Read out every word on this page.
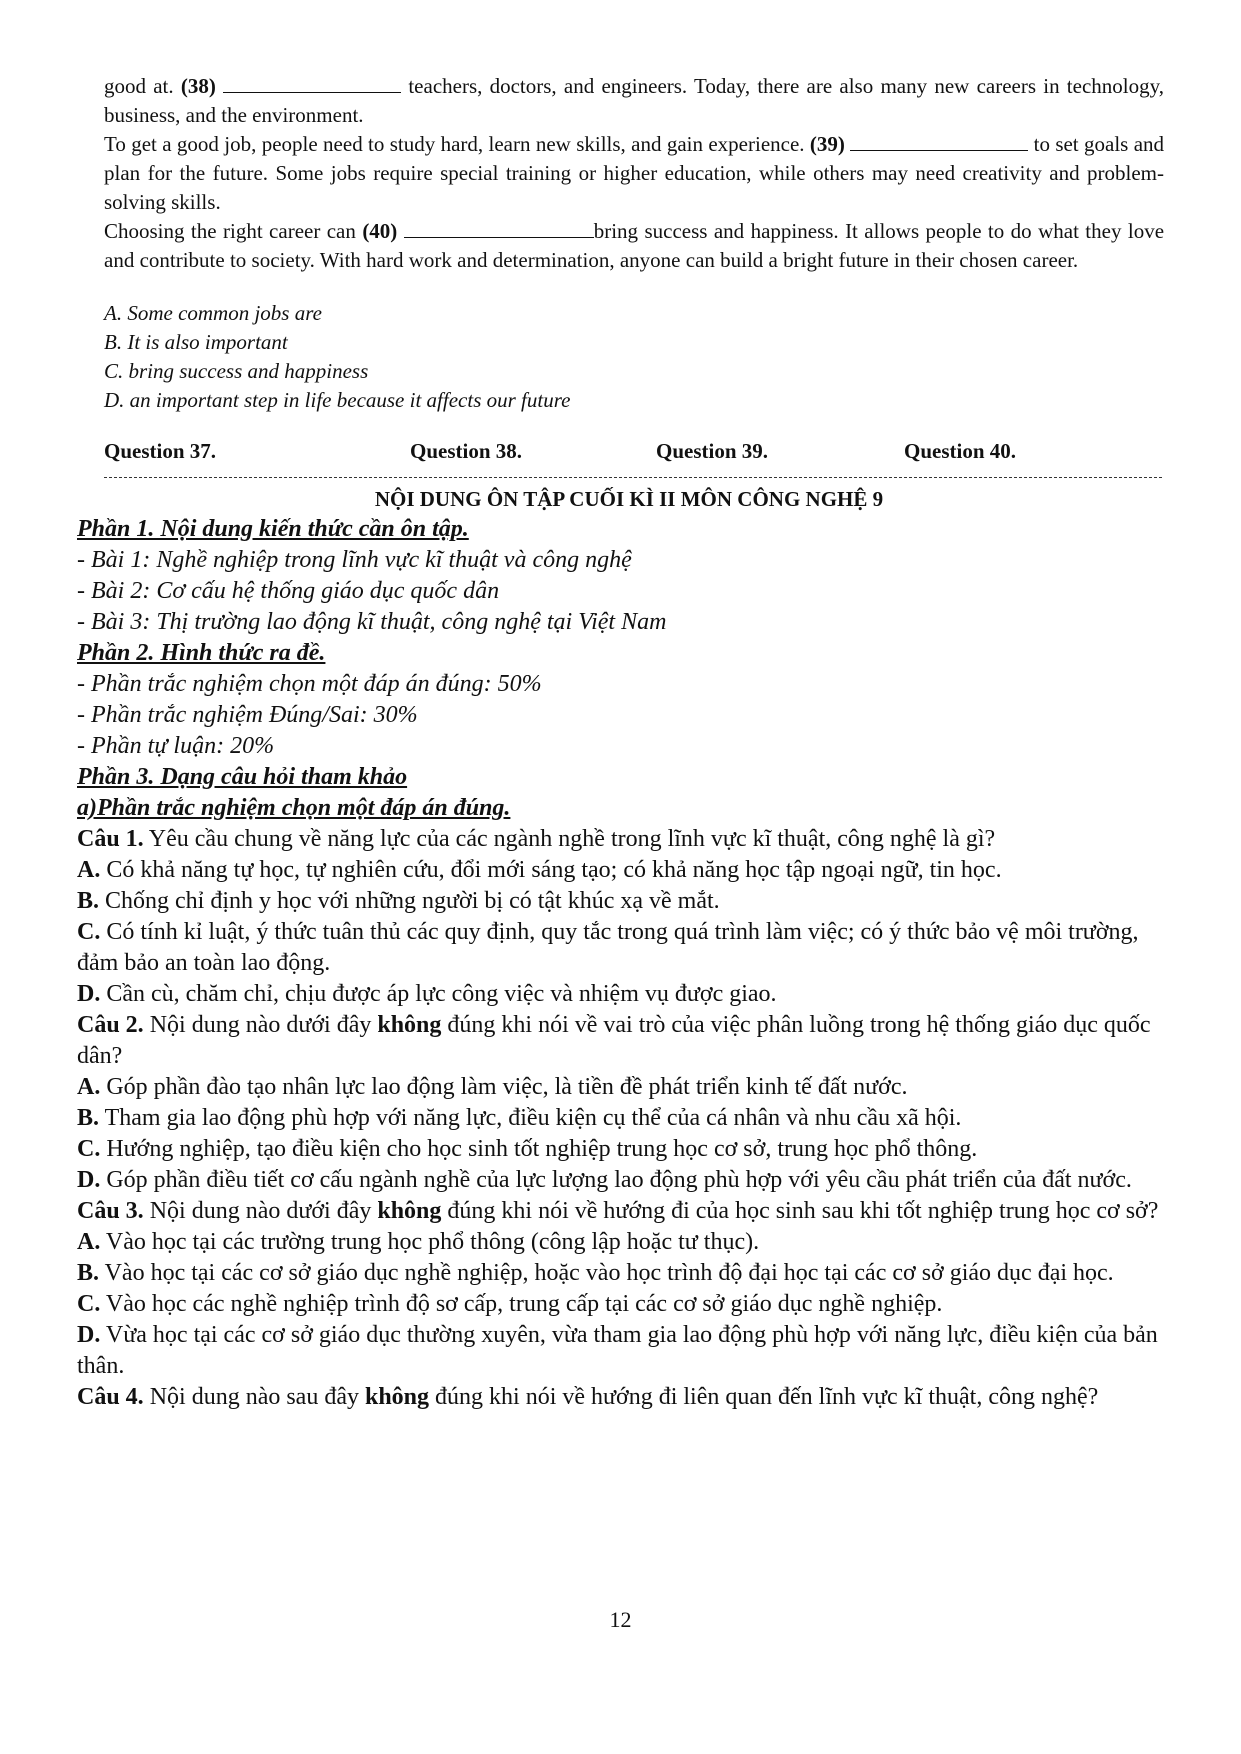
good at. (38)	teachers, doctors, and engineers. Today, there are also many new careers in technology, business, and the environment.

To get a good job, people need to study hard, learn new skills, and gain experience. (39)	to set goals and plan for the future. Some jobs require special training or higher education, while others may need creativity and problem-solving skills.

Choosing the right career can (40)	bring success and happiness. It allows people to do what they love and contribute to society. With hard work and determination, anyone can build a bright future in their chosen career.

A. Some common jobs are

B. It is also important

C. bring success and happiness

D. an important step in life because it affects our future

Question 37.	Question 38.	Question 39.	Question 40.
NỘI DUNG ÔN TẬP CUỐI KÌ II MÔN CÔNG NGHỆ 9

Phần 1. Nội dung kiến thức cần ôn tập.

- Bài 1: Nghề nghiệp trong lĩnh vực kĩ thuật và công nghệ

- Bài 2: Cơ cấu hệ thống giáo dục quốc dân

- Bài 3: Thị trường lao động kĩ thuật, công nghệ tại Việt Nam

Phần 2. Hình thức ra đề.

- Phần trắc nghiệm chọn một đáp án đúng: 50%

- Phần trắc nghiệm Đúng/Sai: 30%

- Phần tự luận: 20%

Phần 3. Dạng câu hỏi tham khảo

a)Phần trắc nghiệm chọn một đáp án đúng.

Câu 1. Yêu cầu chung về năng lực của các ngành nghề trong lĩnh vực kĩ thuật, công nghệ là gì?

A. Có khả năng tự học, tự nghiên cứu, đổi mới sáng tạo; có khả năng học tập ngoại ngữ, tin học.

B. Chống chỉ định y học với những người bị có tật khúc xạ về mắt.

C. Có tính kỉ luật, ý thức tuân thủ các quy định, quy tắc trong quá trình làm việc; có ý thức bảo vệ môi trường, đảm bảo an toàn lao động.

D. Cần cù, chăm chỉ, chịu được áp lực công việc và nhiệm vụ được giao.

Câu 2. Nội dung nào dưới đây không đúng khi nói về vai trò của việc phân luồng trong hệ thống giáo dục quốc dân?

A. Góp phần đào tạo nhân lực lao động làm việc, là tiền đề phát triển kinh tế đất nước.

B. Tham gia lao động phù hợp với năng lực, điều kiện cụ thể của cá nhân và nhu cầu xã hội.

C. Hướng nghiệp, tạo điều kiện cho học sinh tốt nghiệp trung học cơ sở, trung học phổ thông.

D. Góp phần điều tiết cơ cấu ngành nghề của lực lượng lao động phù hợp với yêu cầu phát triển của đất nước.

Câu 3. Nội dung nào dưới đây không đúng khi nói về hướng đi của học sinh sau khi tốt nghiệp trung học cơ sở?

A. Vào học tại các trường trung học phổ thông (công lập hoặc tư thục).

B. Vào học tại các cơ sở giáo dục nghề nghiệp, hoặc vào học trình độ đại học tại các cơ sở giáo dục đại học.

C. Vào học các nghề nghiệp trình độ sơ cấp, trung cấp tại các cơ sở giáo dục nghề nghiệp.

D. Vừa học tại các cơ sở giáo dục thường xuyên, vừa tham gia lao động phù hợp với năng lực, điều kiện của bản thân.

Câu 4. Nội dung nào sau đây không đúng khi nói về hướng đi liên quan đến lĩnh vực kĩ thuật, công nghệ?

12
